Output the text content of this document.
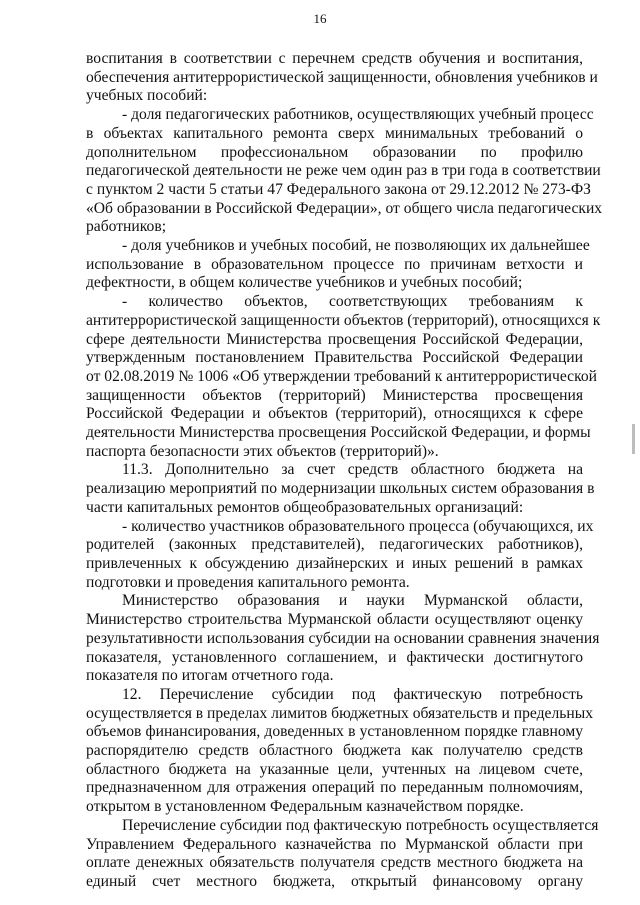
16
воспитания в соответствии с перечнем средств обучения и воспитания,
обеспечения антитеррористической защищенности, обновления учебников и
учебных пособий:
- доля педагогических работников, осуществляющих учебный процесс
в объектах капитального ремонта сверх минимальных требований о
дополнительном профессиональном образовании по профилю
педагогической деятельности не реже чем один раз в три года в соответствии
с пунктом 2 части 5 статьи 47 Федерального закона от 29.12.2012 № 273-ФЗ
«Об образовании в Российской Федерации», от общего числа педагогических
работников;
- доля учебников и учебных пособий, не позволяющих их дальнейшее
использование в образовательном процессе по причинам ветхости и
дефектности, в общем количестве учебников и учебных пособий;
- количество объектов, соответствующих требованиям к
антитеррористической защищенности объектов (территорий), относящихся к
сфере деятельности Министерства просвещения Российской Федерации,
утвержденным постановлением Правительства Российской Федерации
от 02.08.2019 № 1006 «Об утверждении требований к антитеррористической
защищенности объектов (территорий) Министерства просвещения
Российской Федерации и объектов (территорий), относящихся к сфере
деятельности Министерства просвещения Российской Федерации, и формы
паспорта безопасности этих объектов (территорий)».
11.3. Дополнительно за счет средств областного бюджета на
реализацию мероприятий по модернизации школьных систем образования в
части капитальных ремонтов общеобразовательных организаций:
- количество участников образовательного процесса (обучающихся, их
родителей (законных представителей), педагогических работников),
привлеченных к обсуждению дизайнерских и иных решений в рамках
подготовки и проведения капитального ремонта.
Министерство образования и науки Мурманской области,
Министерство строительства Мурманской области осуществляют оценку
результативности использования субсидии на основании сравнения значения
показателя, установленного соглашением, и фактически достигнутого
показателя по итогам отчетного года.
12. Перечисление субсидии под фактическую потребность
осуществляется в пределах лимитов бюджетных обязательств и предельных
объемов финансирования, доведенных в установленном порядке главному
распорядителю средств областного бюджета как получателю средств
областного бюджета на указанные цели, учтенных на лицевом счете,
предназначенном для отражения операций по переданным полномочиям,
открытом в установленном Федеральным казначейством порядке.
Перечисление субсидии под фактическую потребность осуществляется
Управлением Федерального казначейства по Мурманской области при
оплате денежных обязательств получателя средств местного бюджета на
единый счет местного бюджета, открытый финансовому органу
